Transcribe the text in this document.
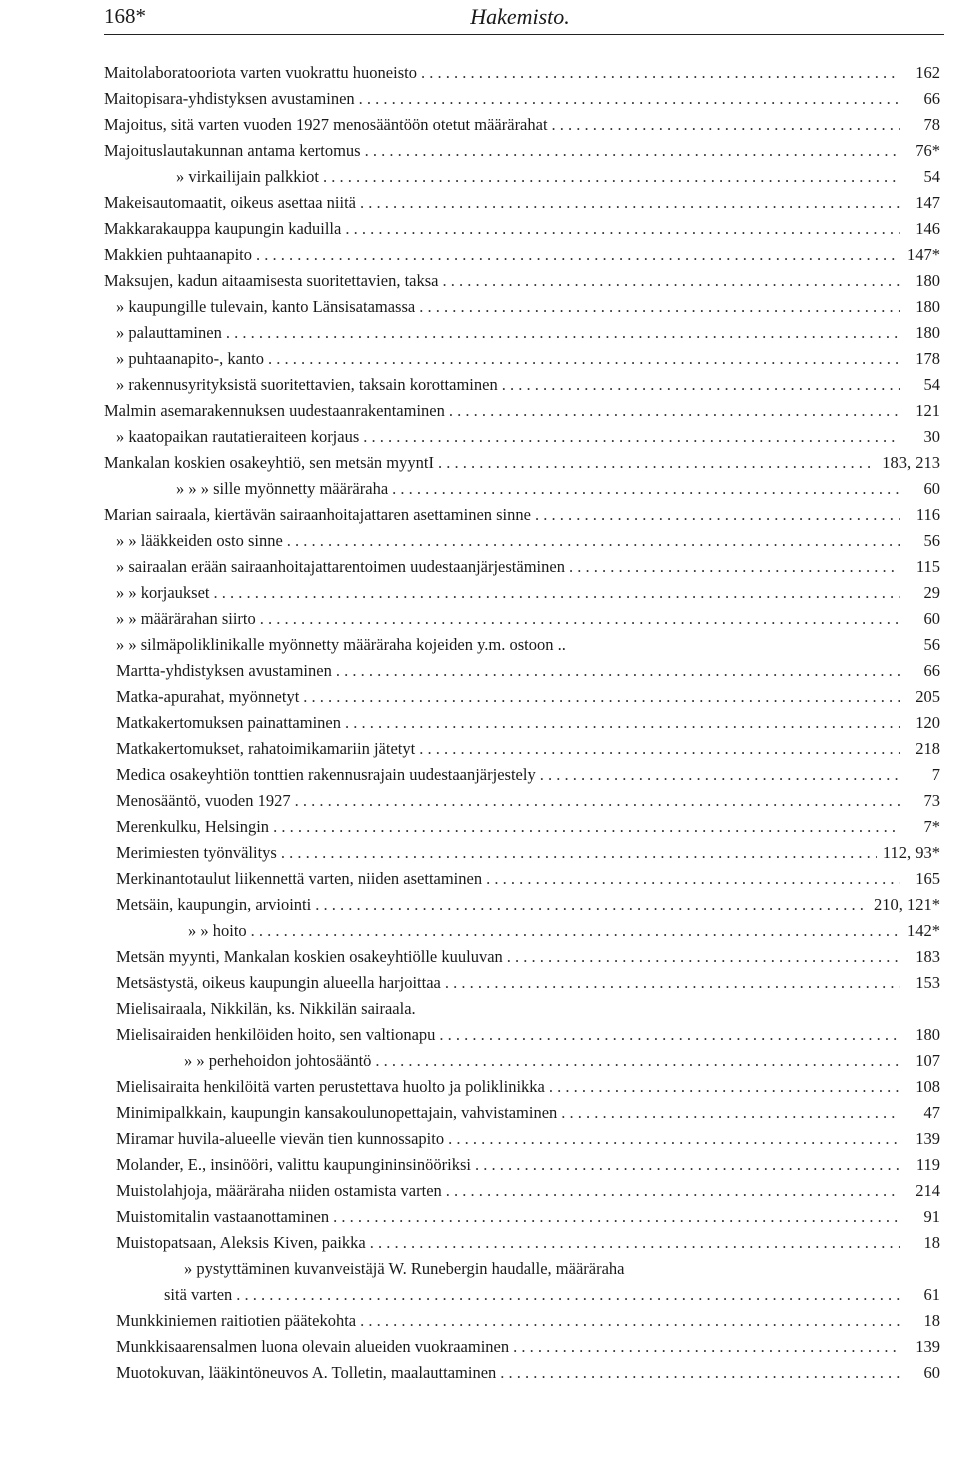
168*	Hakemisto.
Maitolaboratooriota varten vuokrattu huoneisto . . .	162
Maitopisara-yhdistyksen avustaminen . . .	66
Majoitus, sitä varten vuoden 1927 menosääntöön otetut määrärahat . . .	78
Majoituslautakunnan antama kertomus . . .	76*
» virkailijain palkkiot . . .	54
Makeisautomaatit, oikeus asettaa niitä . . .	147
Makkarakauppa kaupungin kaduilla . . .	146
Makkien puhtaanapito . . .	147*
Maksujen, kadun aitaamisesta suoritettavien, taksa . . .	180
» kaupungille tulevain, kanto Länsisatamassa . . .	180
» palauttaminen . . .	180
» puhtaanapito-, kanto . . .	178
» rakennusyrityksistä suoritettavien, taksain korottaminen . . .	54
Malmin asemarakennuksen uudestaanrakentaminen . . .	121
» kaatopaikan rautatieraiteen korjaus . . .	30
Mankalan koskien osakeyhtiö, sen metsän myyntI . . .	183, 213
» » » sille myönnetty määräraha . . .	60
Marian sairaala, kiertävän sairaanhoitajattaren asettaminen sinne . . .	116
» » lääkkeiden osto sinne . . .	56
» sairaalan erään sairaanhoitajattarentoimen uudestaanjärjestäminen . . .	115
» » korjaukset . . .	29
» » määrärahan siirto . . .	60
» » silmäpoliklinikalle myönnetty määräraha kojeiden y.m. ostoon ..	56
Martta-yhdistyksen avustaminen . . .	66
Matka-apurahat, myönnetyt . . .	205
Matkakertomuksen painattaminen . . .	120
Matkakertomukset, rahatoimikamariin jätetyt . . .	218
Medica osakeyhtiön tonttien rakennusrajain uudestaanjärjestely . . .	7
Menosääntö, vuoden 1927 . . .	73
Merenkulku, Helsingin . . .	7*
Merimiesten työnvälitys . . .	112, 93*
Merkinantotaulut liikennettä varten, niiden asettaminen . . .	165
Metsäin, kaupungin, arviointi . . .	210, 121*
» » hoito . . .	142*
Metsän myynti, Mankalan koskien osakeyhtiölle kuuluvan . . .	183
Metsästystä, oikeus kaupungin alueella harjoittaa . . .	153
Mielisairaala, Nikkilän, ks. Nikkilän sairaala.
Mielisairaiden henkilöiden hoito, sen valtionapu . . .	180
» » perhehoidon johtosääntö . . .	107
Mielisairaita henkilöitä varten perustettava huolto ja poliklinikka . . .	108
Minimipalkkain, kaupungin kansakoulunopettajain, vahvistaminen . . .	47
Miramar huvila-alueelle vievän tien kunnossapito . . .	139
Molander, E., insinööri, valittu kaupungininsinööriksi . . .	119
Muistolahjoja, määräraha niiden ostamista varten . . .	214
Muistomitalin vastaanottaminen . . .	91
Muistopatsaan, Aleksis Kiven, paikka . . .	18
» pystyttäminen kuvanveistäjä W. Runebergin haudalle, määräraha
sitä varten . . .	61
Munkkiniemen raitiotien päätekohta . . .	18
Munkkisaarensalmen luona olevain alueiden vuokraaminen . . .	139
Muotokuvan, lääkintöneuvos A. Tolletin, maalauttaminen . . .	60
